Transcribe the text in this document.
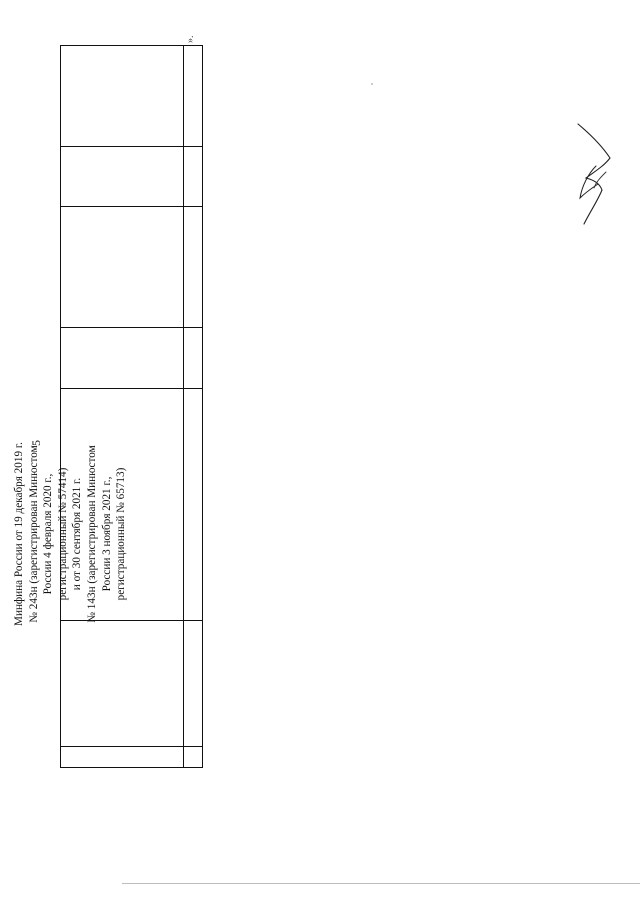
5
Минфина России от 19 декабря 2019 г. № 243н (зарегистрирован Минюстом России 4 февраля 2020 г., регистрационный № 57414) и от 30 сентября 2021 г. № 143н (зарегистрирован Минюстом России 3 ноября 2021 г., регистрационный № 65713)
».
